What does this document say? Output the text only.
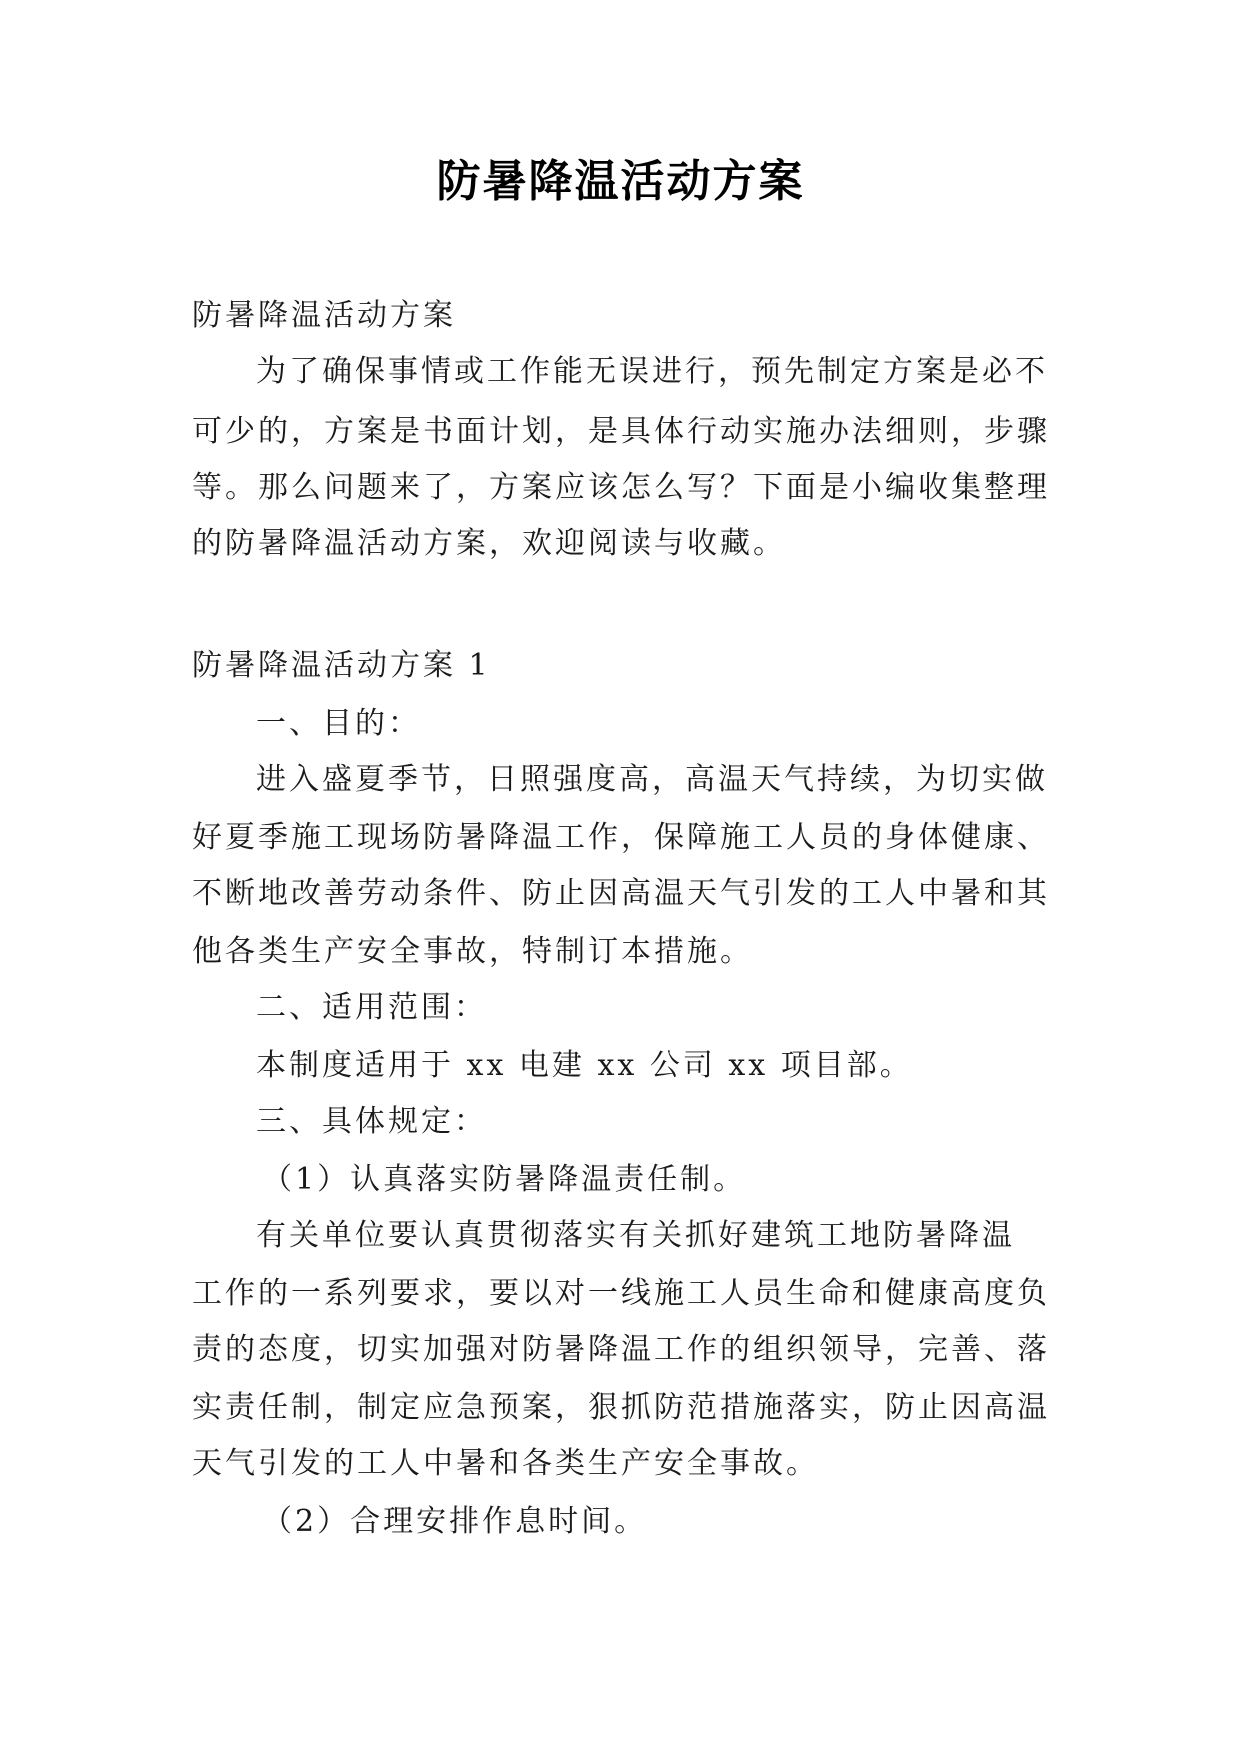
防暑降温活动方案
防暑降温活动方案
为了确保事情或工作能无误进行，预先制定方案是必不
可少的，方案是书面计划，是具体行动实施办法细则，步骤
等。那么问题来了，方案应该怎么写？下面是小编收集整理
的防暑降温活动方案，欢迎阅读与收藏。
防暑降温活动方案 1
一、目的：
进入盛夏季节，日照强度高，高温天气持续，为切实做
好夏季施工现场防暑降温工作，保障施工人员的身体健康、
不断地改善劳动条件、防止因高温天气引发的工人中暑和其
他各类生产安全事故，特制订本措施。
二、适用范围：
本制度适用于 xx 电建 xx 公司 xx 项目部。
三、具体规定：
（1）认真落实防暑降温责任制。
有关单位要认真贯彻落实有关抓好建筑工地防暑降温
工作的一系列要求，要以对一线施工人员生命和健康高度负
责的态度，切实加强对防暑降温工作的组织领导，完善、落
实责任制，制定应急预案，狠抓防范措施落实，防止因高温
天气引发的工人中暑和各类生产安全事故。
（2）合理安排作息时间。
